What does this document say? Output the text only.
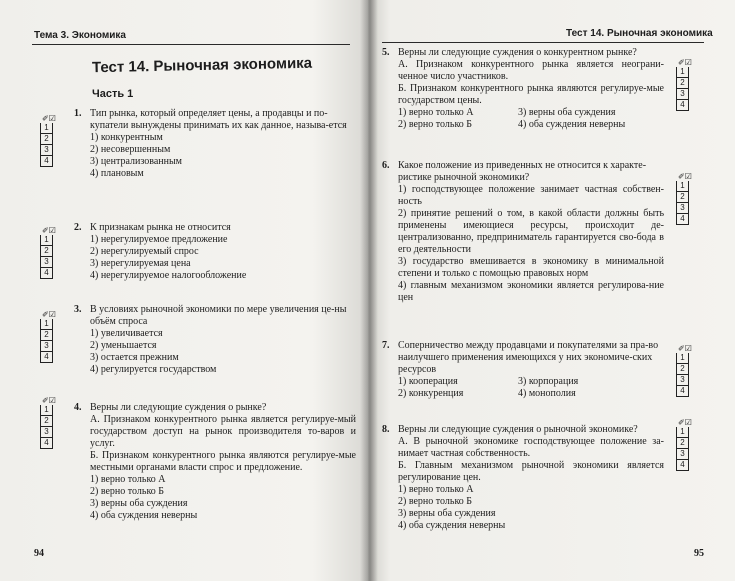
Тема 3. Экономика
Тест 14. Рыночная экономика
Часть 1
✐☑
1
2
3
4
✐☑
1
2
3
4
✐☑
1
2
3
4
✐☑
1
2
3
4
1. Тип рынка, который определяет цены, а продавцы и по-купатели вынуждены принимать их как данное, называ-ется
1) конкурентным
2) несовершенным
3) централизованным
4) плановым
2. К признакам рынка не относится
1) нерегулируемое предложение
2) нерегулируемый спрос
3) нерегулируемая цена
4) нерегулируемое налогообложение
3. В условиях рыночной экономики по мере увеличения це-ны объём спроса
1) увеличивается
2) уменьшается
3) остается прежним
4) регулируется государством
4. Верны ли следующие суждения о рынке?
А. Признаком конкурентного рынка является регулируе-мый государством доступ на рынок производителя то-варов и услуг.
Б. Признаком конкурентного рынка являются регулируе-мые местными органами власти спрос и предложение.
1) верно только А
2) верно только Б
3) верны оба суждения
4) оба суждения неверны
94
Тест 14. Рыночная экономика
✐☑
1
2
3
4
✐☑
1
2
3
4
✐☑
1
2
3
4
✐☑
1
2
3
4
5. Верны ли следующие суждения о конкурентном рынке?
А. Признаком конкурентного рынка является неограни-ченное число участников.
Б. Признаком конкурентного рынка являются регулируе-мые государством цены.
1) верно только А	3) верны оба суждения
2) верно только Б	4) оба суждения неверны
6. Какое положение из приведенных не относится к характе-ристике рыночной экономики?
1) господствующее положение занимает частная собствен-ность
2) принятие решений о том, в какой области должны быть применены имеющиеся ресурсы, происходит де-централизованно, предприниматель гарантируется сво-бода в его деятельности
3) государство вмешивается в экономику в минимальной степени и только с помощью правовых норм
4) главным механизмом экономики является регулирова-ние цен
7. Соперничество между продавцами и покупателями за пра-во наилучшего применения имеющихся у них экономиче-ских ресурсов
1) кооперация	3) корпорация
2) конкуренция	4) монополия
8. Верны ли следующие суждения о рыночной экономике?
А. В рыночной экономике господствующее положение за-нимает частная собственность.
Б. Главным механизмом рыночной экономики является регулирование цен.
1) верно только А
2) верно только Б
3) верны оба суждения
4) оба суждения неверны
95
